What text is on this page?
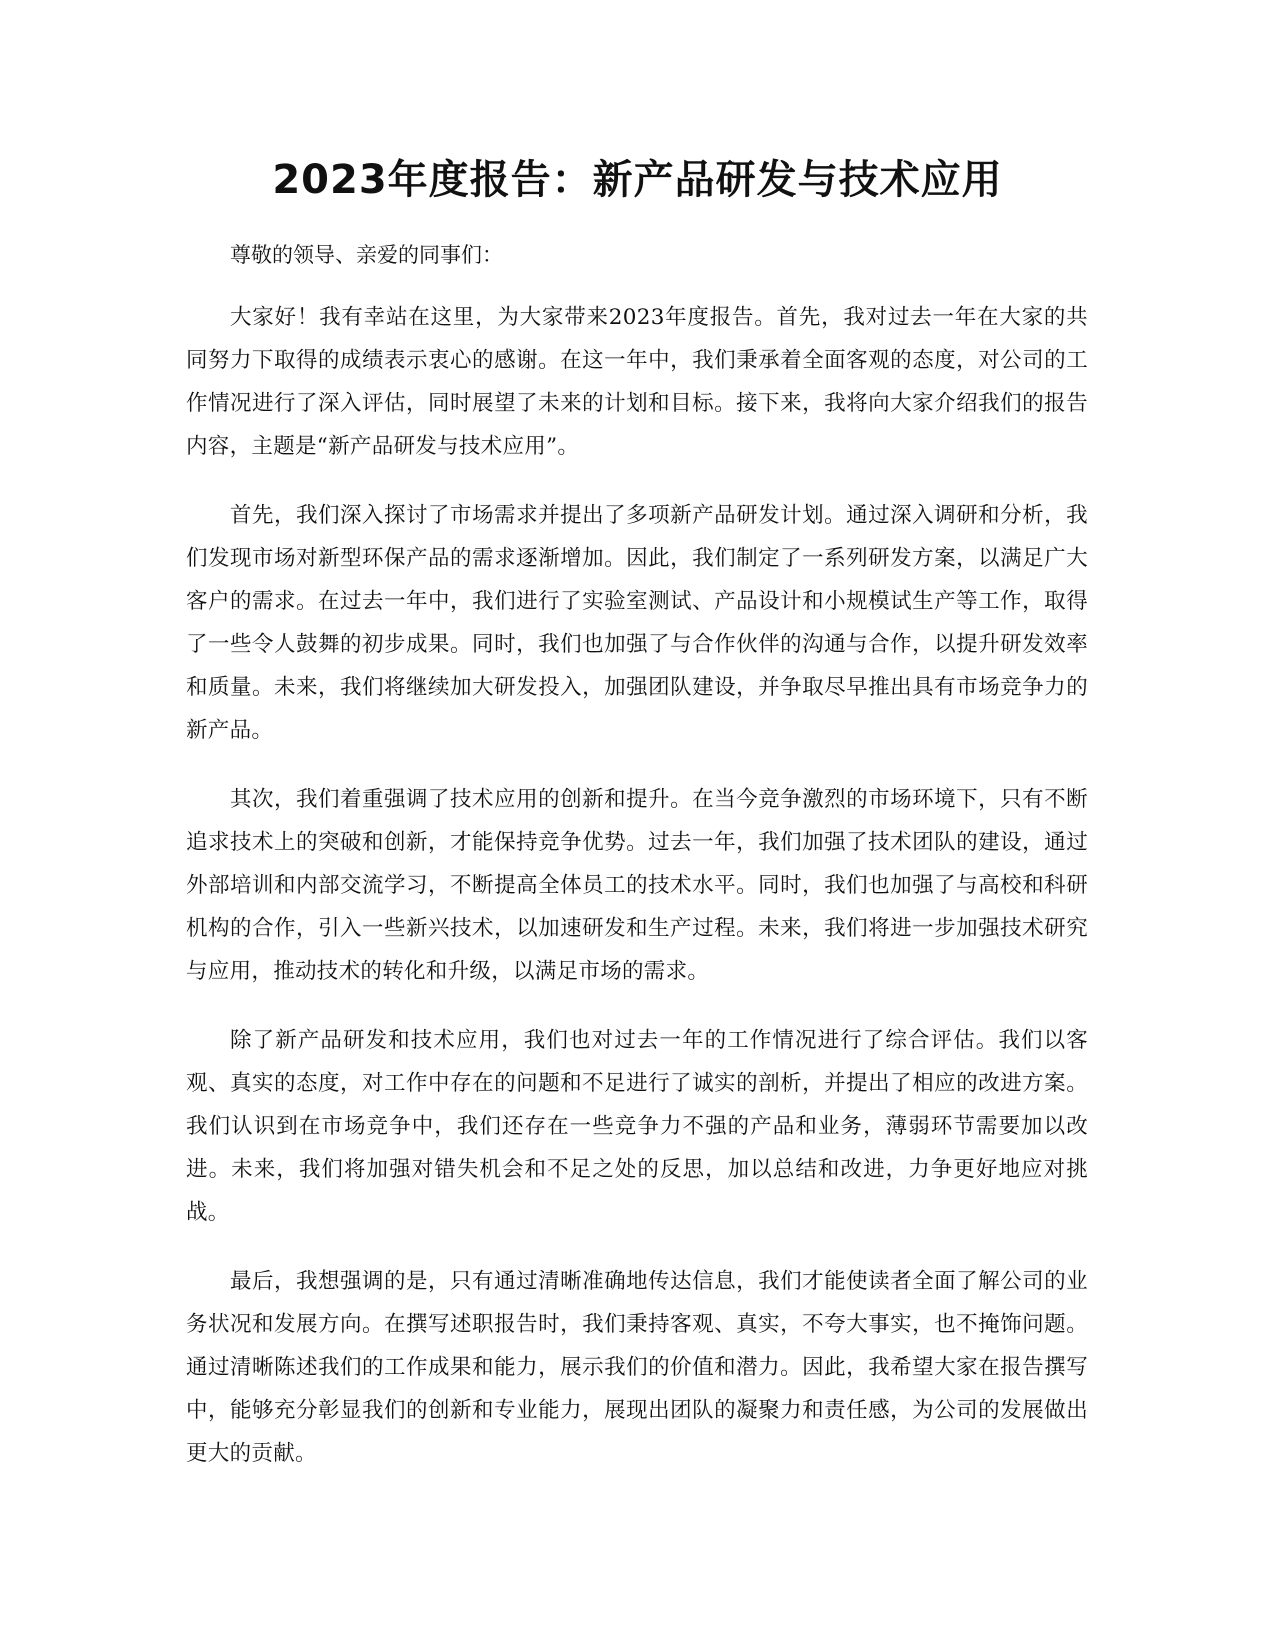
2023年度报告：新产品研发与技术应用

尊敬的领导、亲爱的同事们：

大家好！我有幸站在这里，为大家带来2023年度报告。首先，我对过去一年在大家的共同努力下取得的成绩表示衷心的感谢。在这一年中，我们秉承着全面客观的态度，对公司的工作情况进行了深入评估，同时展望了未来的计划和目标。接下来，我将向大家介绍我们的报告内容，主题是“新产品研发与技术应用”。

首先，我们深入探讨了市场需求并提出了多项新产品研发计划。通过深入调研和分析，我们发现市场对新型环保产品的需求逐渐增加。因此，我们制定了一系列研发方案，以满足广大客户的需求。在过去一年中，我们进行了实验室测试、产品设计和小规模试生产等工作，取得了一些令人鼓舞的初步成果。同时，我们也加强了与合作伙伴的沟通与合作，以提升研发效率和质量。未来，我们将继续加大研发投入，加强团队建设，并争取尽早推出具有市场竞争力的新产品。

其次，我们着重强调了技术应用的创新和提升。在当今竞争激烈的市场环境下，只有不断追求技术上的突破和创新，才能保持竞争优势。过去一年，我们加强了技术团队的建设，通过外部培训和内部交流学习，不断提高全体员工的技术水平。同时，我们也加强了与高校和科研机构的合作，引入一些新兴技术，以加速研发和生产过程。未来，我们将进一步加强技术研究与应用，推动技术的转化和升级，以满足市场的需求。

除了新产品研发和技术应用，我们也对过去一年的工作情况进行了综合评估。我们以客观、真实的态度，对工作中存在的问题和不足进行了诚实的剖析，并提出了相应的改进方案。我们认识到在市场竞争中，我们还存在一些竞争力不强的产品和业务，薄弱环节需要加以改进。未来，我们将加强对错失机会和不足之处的反思，加以总结和改进，力争更好地应对挑战。

最后，我想强调的是，只有通过清晰准确地传达信息，我们才能使读者全面了解公司的业务状况和发展方向。在撰写述职报告时，我们秉持客观、真实，不夸大事实，也不掩饰问题。通过清晰陈述我们的工作成果和能力，展示我们的价值和潜力。因此，我希望大家在报告撰写中，能够充分彰显我们的创新和专业能力，展现出团队的凝聚力和责任感，为公司的发展做出更大的贡献。
